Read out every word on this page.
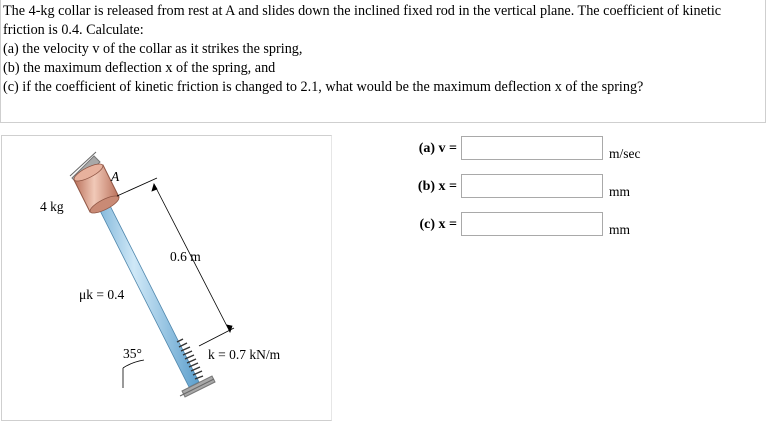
The 4-kg collar is released from rest at A and slides down the inclined fixed rod in the vertical plane. The coefficient of kinetic

friction is 0.4. Calculate:

(a) the velocity v of the collar as it strikes the spring,

(b) the maximum deflection x of the spring, and

(c) if the coefficient of kinetic friction is changed to 2.1, what would be the maximum deflection x of the spring?

4 kg
A
0.6 m
μk = 0.4
35°	k = 0.7 kN/m
(a) v =	m/sec
(b) x =	mm
(c) x =	mm
